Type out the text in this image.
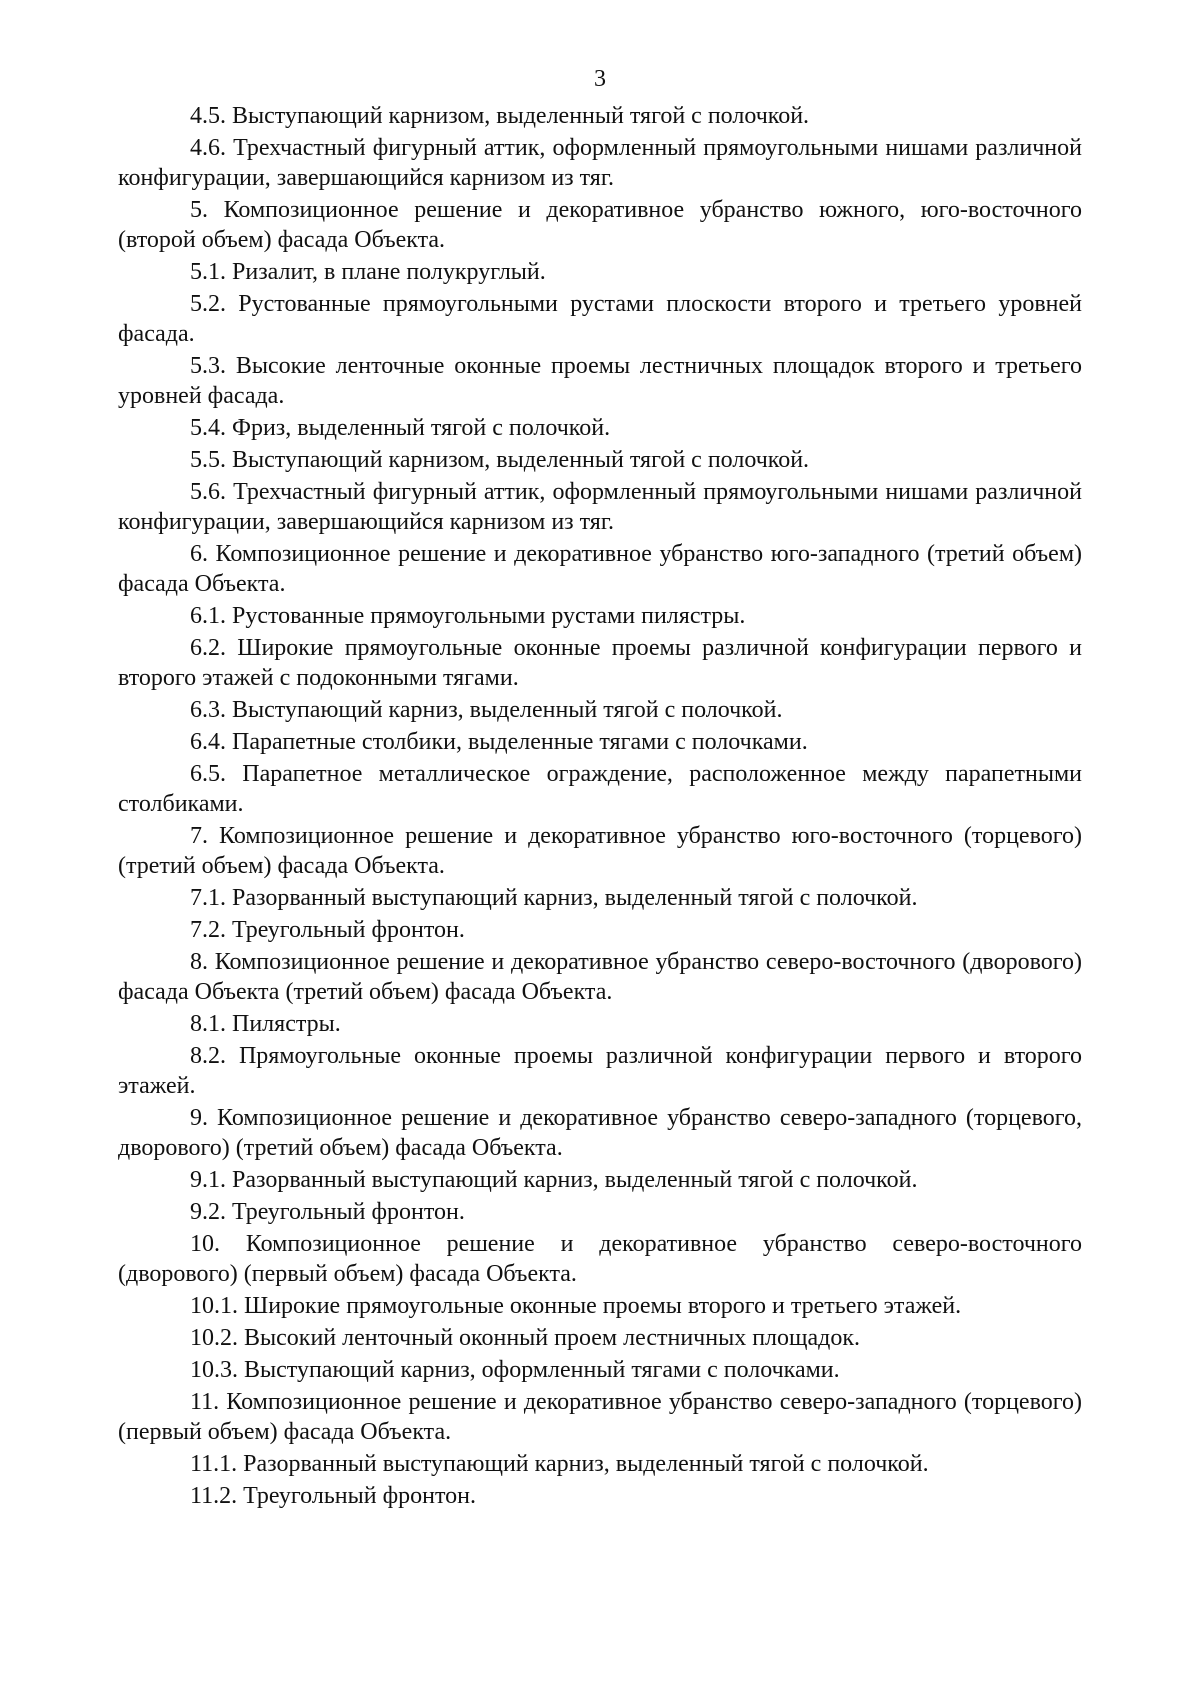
3

4.5. Выступающий карнизом, выделенный тягой с полочкой.

4.6. Трехчастный фигурный аттик, оформленный прямоугольными нишами различной конфигурации, завершающийся карнизом из тяг.

5. Композиционное решение и декоративное убранство южного, юго-восточного (второй объем) фасада Объекта.

5.1. Ризалит, в плане полукруглый.

5.2. Рустованные прямоугольными рустами плоскости второго и третьего уровней фасада.

5.3. Высокие ленточные оконные проемы лестничных площадок второго и третьего уровней фасада.

5.4. Фриз, выделенный тягой с полочкой.

5.5. Выступающий карнизом, выделенный тягой с полочкой.

5.6. Трехчастный фигурный аттик, оформленный прямоугольными нишами различной конфигурации, завершающийся карнизом из тяг.

6. Композиционное решение и декоративное убранство юго-западного (третий объем) фасада Объекта.

6.1. Рустованные прямоугольными рустами пилястры.

6.2. Широкие прямоугольные оконные проемы различной конфигурации первого и второго этажей с подоконными тягами.

6.3. Выступающий карниз, выделенный тягой с полочкой.

6.4. Парапетные столбики, выделенные тягами с полочками.

6.5. Парапетное металлическое ограждение, расположенное между парапетными столбиками.

7. Композиционное решение и декоративное убранство юго-восточного (торцевого) (третий объем) фасада Объекта.

7.1. Разорванный выступающий карниз, выделенный тягой с полочкой.

7.2. Треугольный фронтон.

8. Композиционное решение и декоративное убранство северо-восточного (дворового) фасада Объекта (третий объем) фасада Объекта.

8.1. Пилястры.

8.2. Прямоугольные оконные проемы различной конфигурации первого и второго этажей.

9. Композиционное решение и декоративное убранство северо-западного (торцевого, дворового) (третий объем) фасада Объекта.

9.1. Разорванный выступающий карниз, выделенный тягой с полочкой.

9.2. Треугольный фронтон.

10. Композиционное решение и декоративное убранство северо-восточного (дворового) (первый объем) фасада Объекта.

10.1. Широкие прямоугольные оконные проемы второго и третьего этажей.

10.2. Высокий ленточный оконный проем лестничных площадок.

10.3. Выступающий карниз, оформленный тягами с полочками.

11. Композиционное решение и декоративное убранство северо-западного (торцевого) (первый объем) фасада Объекта.

11.1. Разорванный выступающий карниз, выделенный тягой с полочкой.

11.2. Треугольный фронтон.
